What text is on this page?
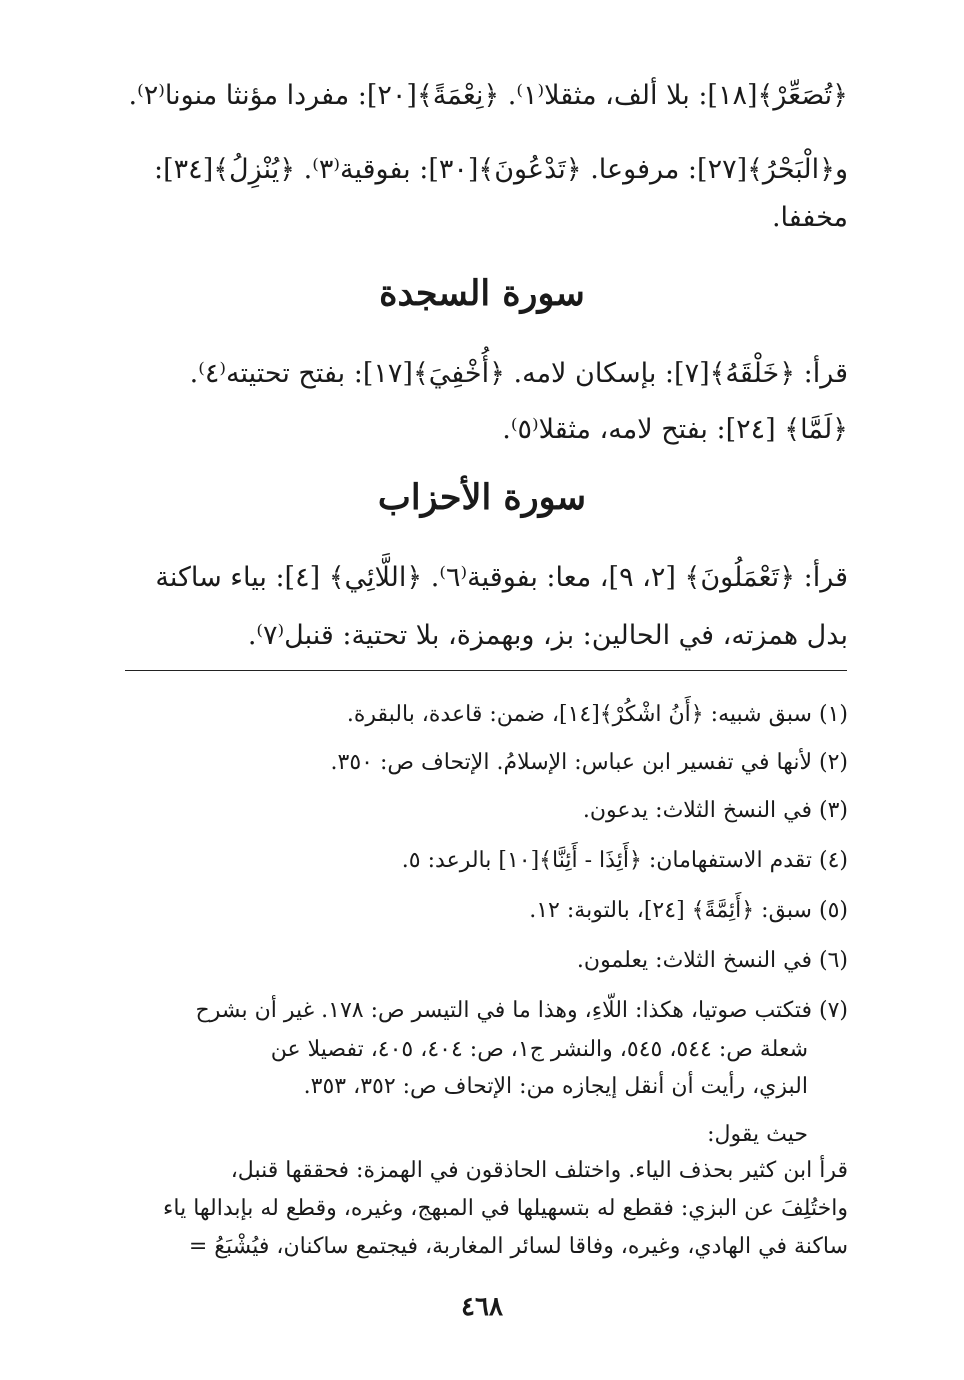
﴿تُصَعِّرْ﴾[١٨]: بلا ألف، مثقلا⁽١⁾. ﴿نِعْمَةً﴾[٢٠]: مفردا مؤنثا منونا⁽٢⁾.
و﴿الْبَحْرُ﴾[٢٧]: مرفوعا. ﴿تَدْعُونَ﴾[٣٠]: بفوقية⁽٣⁾. ﴿يُنْزِلُ﴾[٣٤]:
مخففا.
سورة السجدة
قرأ: ﴿خَلْقَهُ﴾[٧]: بإسكان لامه. ﴿أُخْفِيَ﴾[١٧]: بفتح تحتيته⁽٤⁾.
﴿لَمَّا﴾ [٢٤]: بفتح لامه، مثقلا⁽٥⁾.
سورة الأحزاب
قرأ: ﴿تَعْمَلُونَ﴾ [٢، ٩]، معا: بفوقية⁽٦⁾. ﴿اللَّائِي﴾ [٤]: بياء ساكنة
بدل همزته، في الحالين: بز، وبهمزة، بلا تحتية: قنبل⁽٧⁾.
(١) سبق شبيه: ﴿أَنُ اشْكُرْ﴾[١٤]، ضمن: قاعدة، بالبقرة.
(٢) لأنها في تفسير ابن عباس: الإسلامُ. الإتحاف ص: ٣٥٠.
(٣) في النسخ الثلاث: يدعون.
(٤) تقدم الاستفهامان: ﴿أَئِذَا - أَئِنَّا﴾[١٠] بالرعد: ٥.
(٥) سبق: ﴿أَئِمَّةً﴾ [٢٤]، بالتوبة: ١٢.
(٦) في النسخ الثلاث: يعلمون.
(٧) فتكتب صوتيا، هكذا: اللّاءِ، وهذا ما في التيسر ص: ١٧٨. غير أن بشرح
شعلة ص: ٥٤٤، ٥٤٥، والنشر ج١، ص: ٤٠٤، ٤٠٥، تفصيلا عن
البزي، رأيت أن أنقل إيجازه من: الإتحاف ص: ٣٥٢، ٣٥٣.
حيث يقول:
قرأ ابن كثير بحذف الياء. واختلف الحاذقون في الهمزة: فحققها قنبل،
واختُلِفَ عن البزي: فقطع له بتسهيلها في المبهج، وغيره، وقطع له بإبدالها ياء
ساكنة في الهادي، وغيره، وفاقا لسائر المغاربة، فيجتمع ساكنان، فيُشْبَعُ =
٤٦٨
